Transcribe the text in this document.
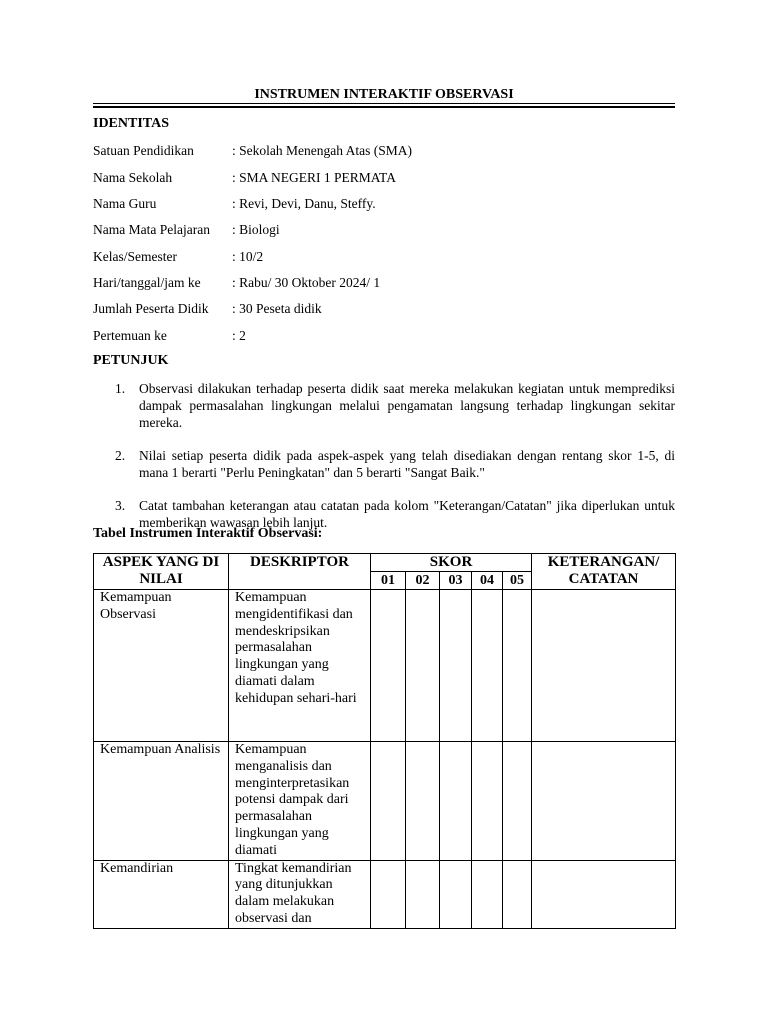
INSTRUMEN INTERAKTIF OBSERVASI
IDENTITAS
Satuan Pendidikan	: Sekolah Menengah Atas (SMA)
Nama Sekolah	: SMA NEGERI 1 PERMATA
Nama Guru	: Revi, Devi, Danu, Steffy.
Nama Mata Pelajaran : Biologi
Kelas/Semester	: 10/2
Hari/tanggal/jam ke : Rabu/ 30 Oktober 2024/ 1
Jumlah Peserta Didik : 30 Peseta didik
Pertemuan ke	: 2
PETUNJUK
1. Observasi dilakukan terhadap peserta didik saat mereka melakukan kegiatan untuk memprediksi dampak permasalahan lingkungan melalui pengamatan langsung terhadap lingkungan sekitar mereka.
2. Nilai setiap peserta didik pada aspek-aspek yang telah disediakan dengan rentang skor 1-5, di mana 1 berarti "Perlu Peningkatan" dan 5 berarti "Sangat Baik."
3. Catat tambahan keterangan atau catatan pada kolom "Keterangan/Catatan" jika diperlukan untuk memberikan wawasan lebih lanjut.
Tabel Instrumen Interaktif Observasi:
ASPEK YANG DI NILAI	DESKRIPTOR	SKOR					KETERANGAN/ CATATAN
		01	02	03	04	05	
Kemampuan Observasi	Kemampuan mengidentifikasi dan mendeskripsikan permasalahan lingkungan yang diamati dalam kehidupan sehari-hari						
Kemampuan Analisis	Kemampuan menganalisis dan menginterpretasikan potensi dampak dari permasalahan lingkungan yang diamati						
Kemandirian	Tingkat kemandirian yang ditunjukkan dalam melakukan observasi dan						
